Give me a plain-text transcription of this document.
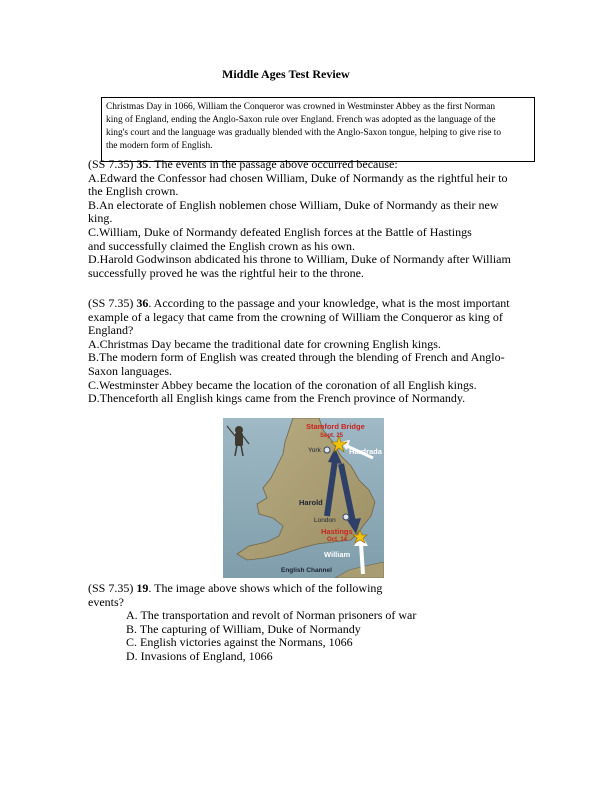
Middle Ages Test Review
Christmas Day in 1066, William the Conqueror was crowned in Westminster Abbey as the first Norman
king of England, ending the Anglo-Saxon rule over England. French was adopted as the language of the
king's court and the language was gradually blended with the Anglo-Saxon tongue, helping to give rise to
the modern form of English.
(SS 7.35) 35. The events in the passage above occurred because:
A.Edward the Confessor had chosen William, Duke of Normandy as the rightful heir to
the English crown.
B.An electorate of English noblemen chose William, Duke of Normandy as their new
king.
C.William, Duke of Normandy defeated English forces at the Battle of Hastings
and successfully claimed the English crown as his own.
D.Harold Godwinson abdicated his throne to William, Duke of Normandy after William
successfully proved he was the rightful heir to the throne.
(SS 7.35) 36. According to the passage and your knowledge, what is the most important
example of a legacy that came from the crowning of William the Conqueror as king of
England?
A.Christmas Day became the traditional date for crowning English kings.
B.The modern form of English was created through the blending of French and Anglo-
Saxon languages.
C.Westminster Abbey became the location of the coronation of all English kings.
D.Thenceforth all English kings came from the French province of Normandy.
Stamford Bridge
Sept. 25
York	Hardrada
Harold
London
Hastings
Oct. 14
William
English Channel
(SS 7.35) 19. The image above shows which of the following
events?
A. The transportation and revolt of Norman prisoners of war
B. The capturing of William, Duke of Normandy
C. English victories against the Normans, 1066
D. Invasions of England, 1066
